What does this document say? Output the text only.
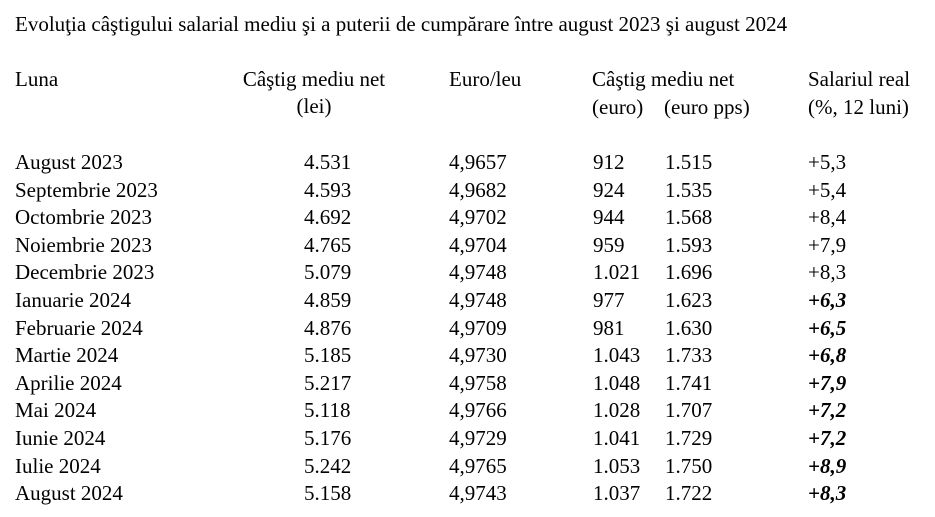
Evoluţia câştigului salarial mediu şi a puterii de cumpărare între august 2023 şi august 2024
Luna	Câştig mediu net
(lei)
Euro/leu	Câştig mediu net
(euro) (euro pps)
Salariul real
(%, 12 luni)
August 2023	4.531	4,9657	912 1.515	+5,3
Septembrie 2023	4.593	4,9682	924 1.535	+5,4
Octombrie 2023	4.692	4,9702	944 1.568	+8,4
Noiembrie 2023	4.765	4,9704	959 1.593	+7,9
Decembrie 2023	5.079	4,9748	1.021 1.696	+8,3
Ianuarie 2024	4.859	4,9748	977 1.623	+6,3
Februarie 2024	4.876	4,9709	981 1.630	+6,5
Martie 2024	5.185	4,9730	1.043 1.733	+6,8
Aprilie 2024	5.217	4,9758	1.048 1.741	+7,9
Mai 2024	5.118	4,9766	1.028 1.707	+7,2
Iunie 2024	5.176	4,9729	1.041 1.729	+7,2
Iulie 2024	5.242	4,9765	1.053 1.750	+8,9
August 2024	5.158	4,9743	1.037 1.722	+8,3
